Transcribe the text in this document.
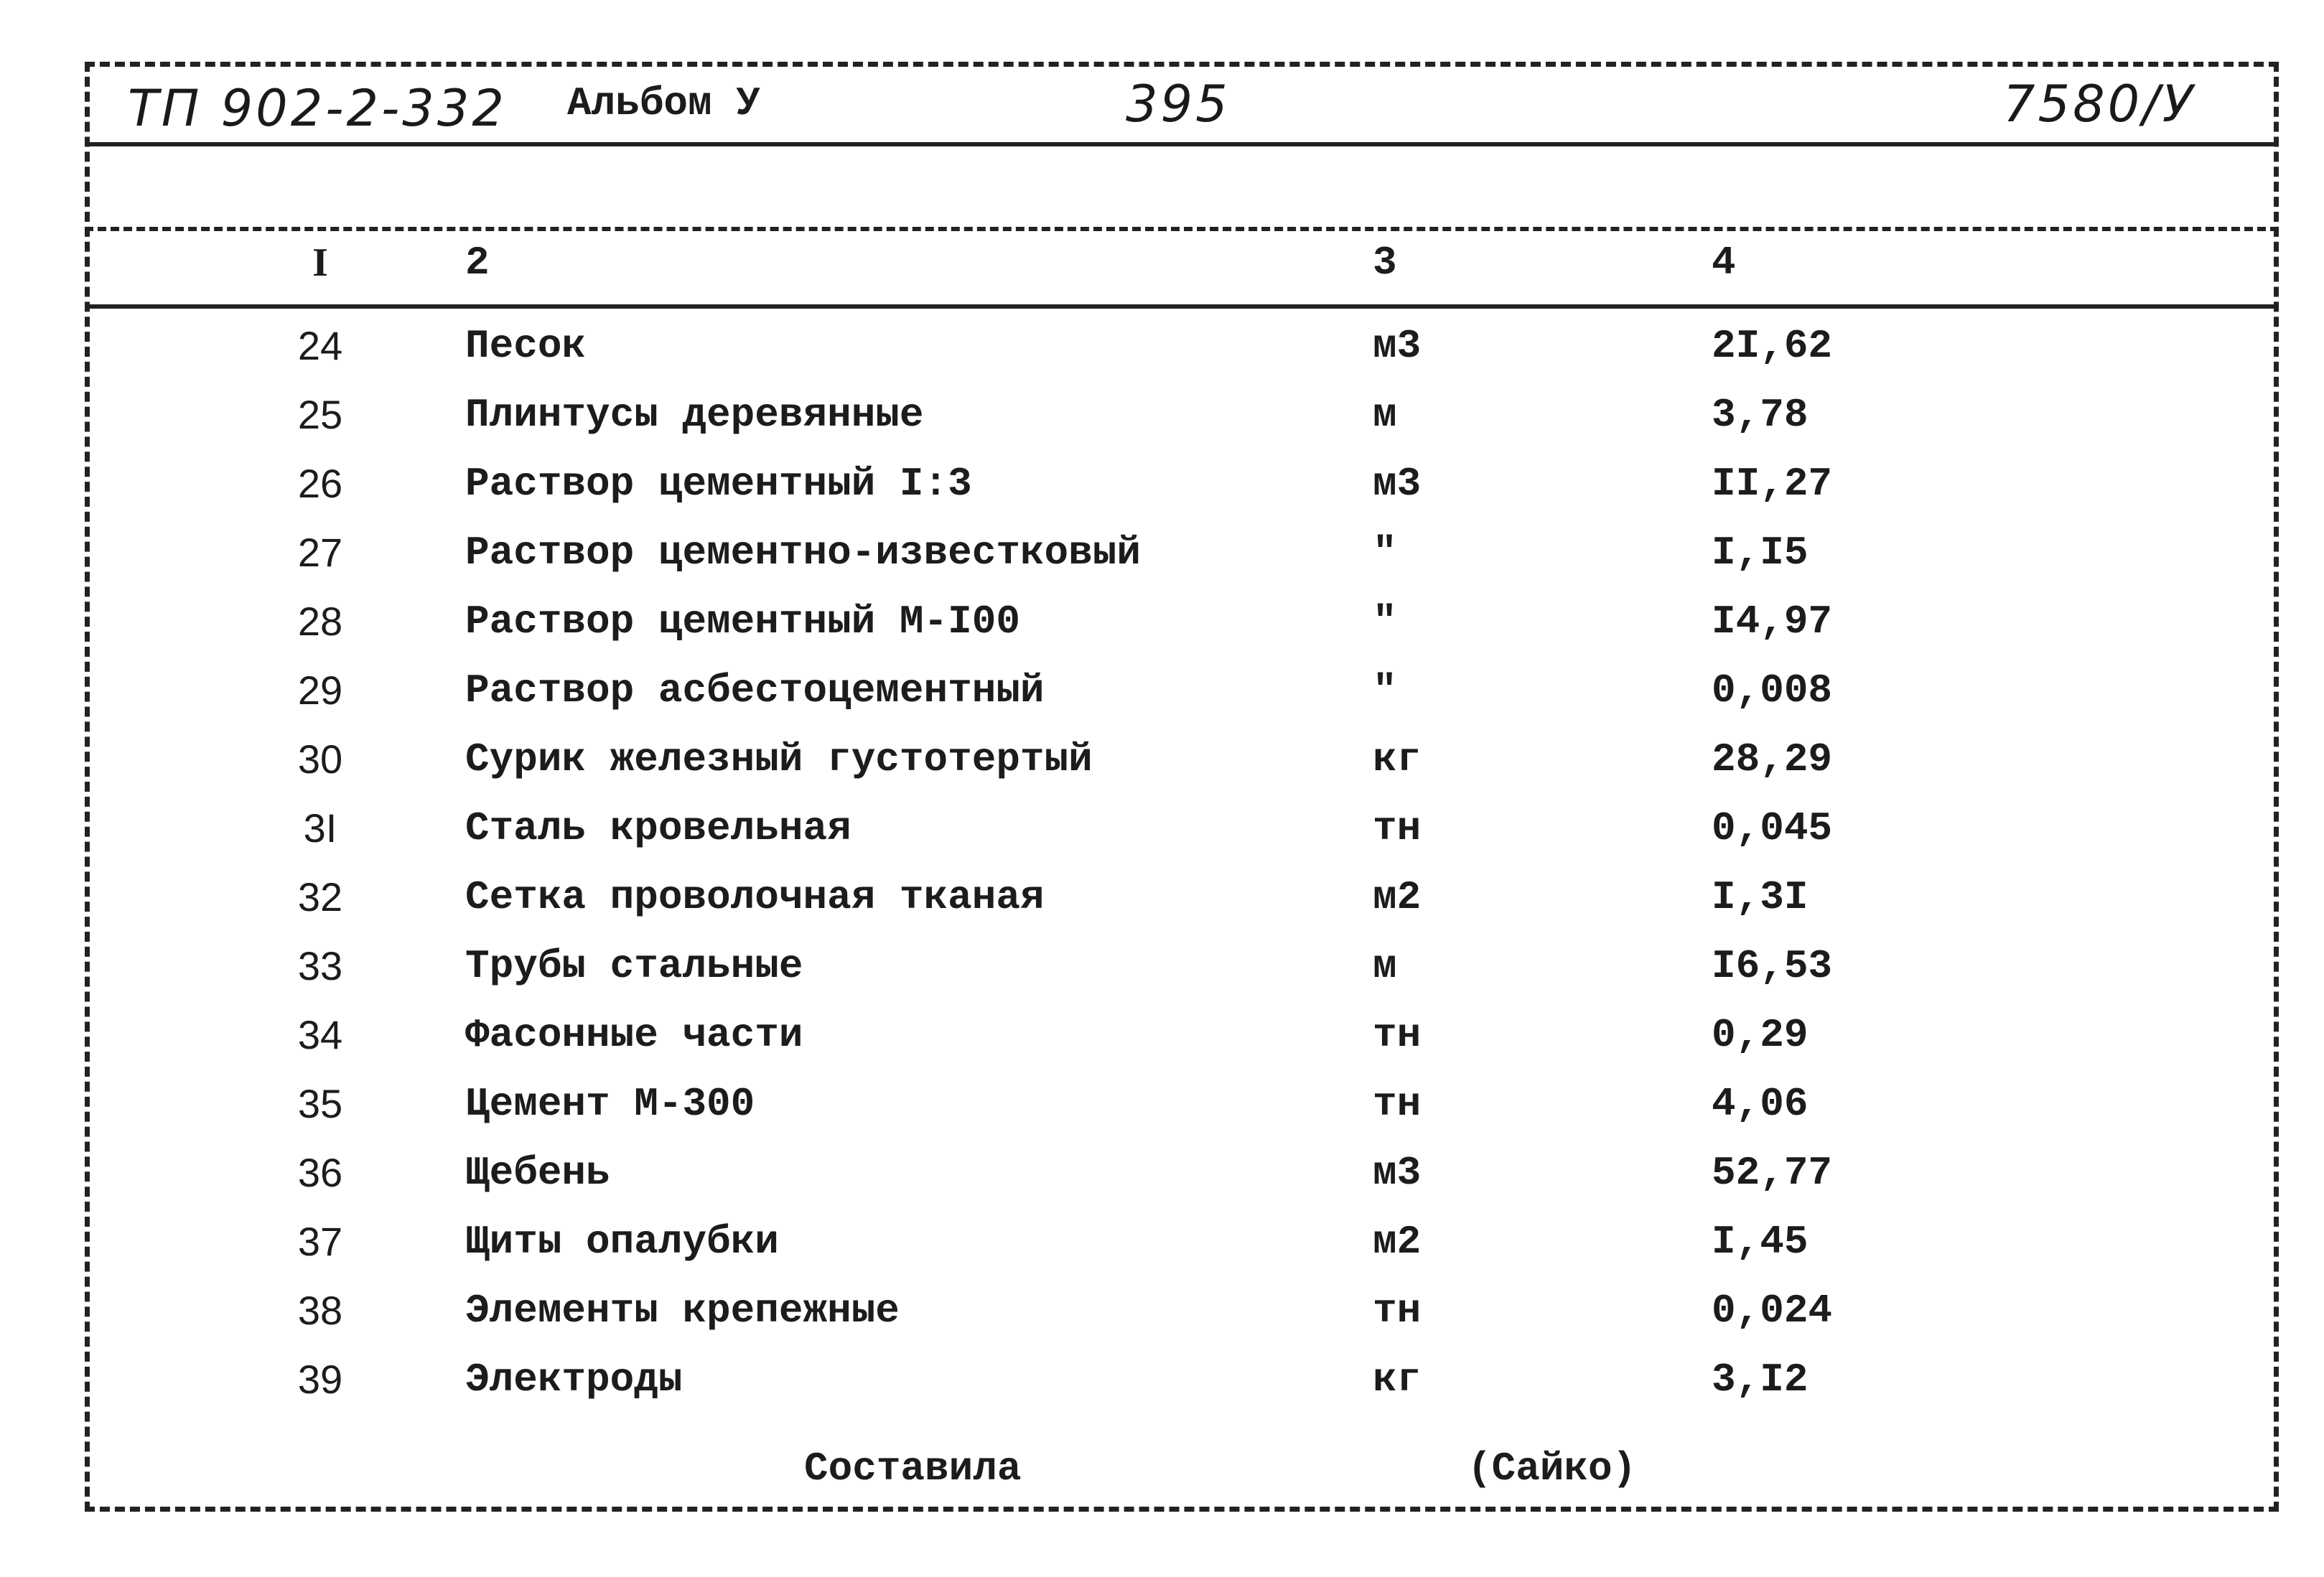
ТП 902-2-332 Альбом У	395	7580/У
I	2	3	4
24	Песок	м3	2I,62
25	Плинтусы деревянные	м	3,78
26	Раствор цементный I:3	м3	II,27
27	Раствор цементно-известковый	"	I,I5
28	Раствор цементный М-I00	"	I4,97
29	Раствор асбестоцементный	"	0,008
30	Сурик железный густотертый	кг	28,29
3I	Сталь кровельная	тн	0,045
32	Сетка проволочная тканая	м2	I,3I
33	Трубы стальные	м	I6,53
34	Фасонные части	тн	0,29
35	Цемент М-300	тн	4,06
36	Щебень	м3	52,77
37	Щиты опалубки	м2	I,45
38	Элементы крепежные	тн	0,024
39	Электроды	кг	3,I2
Составила	(Сайко)
